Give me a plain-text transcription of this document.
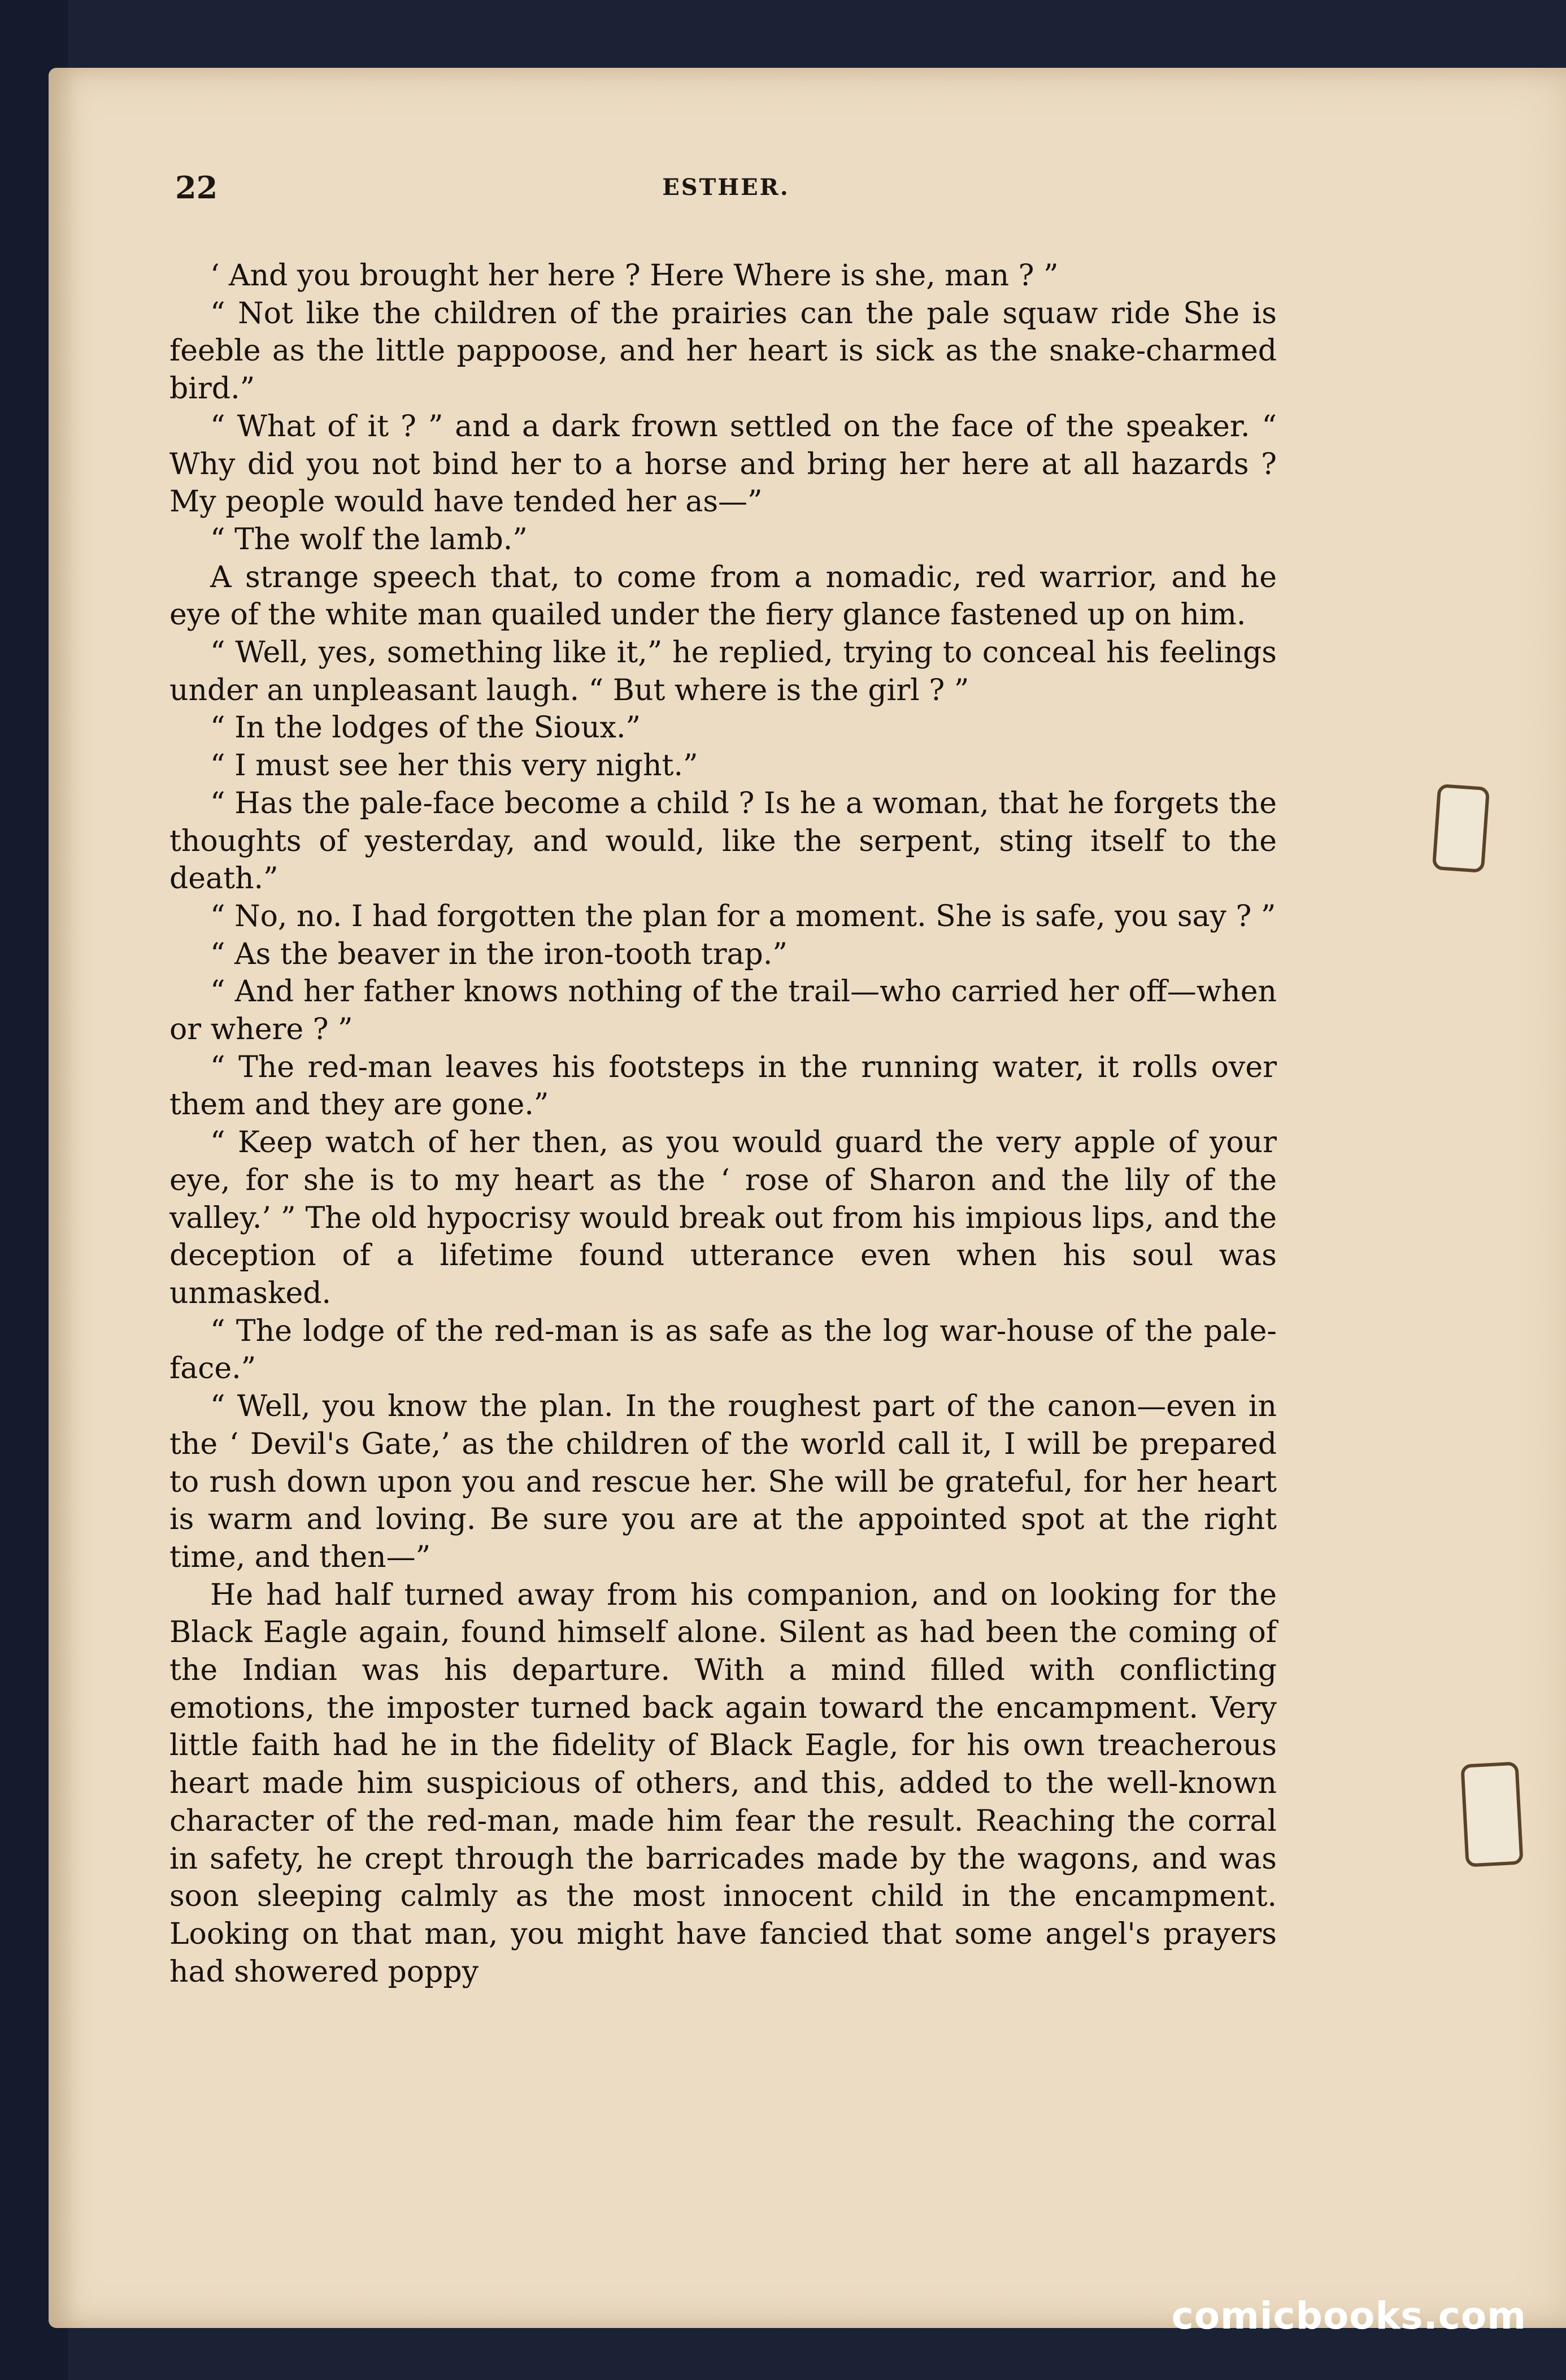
22	ESTHER.

‘ And you brought her here ? Here Where is she, man ? ”

“ Not like the children of the prairies can the pale squaw ride She is feeble as the little pappoose, and her heart is sick as the snake-charmed bird.”

“ What of it ? ” and a dark frown settled on the face of the speaker. “ Why did you not bind her to a horse and bring her here at all hazards ? My people would have tended her as—”

“ The wolf the lamb.”

A strange speech that, to come from a nomadic, red warrior, and he eye of the white man quailed under the fiery glance fastened up on him.

“ Well, yes, something like it,” he replied, trying to conceal his feelings under an unpleasant laugh. “ But where is the girl ? ”

“ In the lodges of the Sioux.”

“ I must see her this very night.”

“ Has the pale-face become a child ? Is he a woman, that he forgets the thoughts of yesterday, and would, like the serpent, sting itself to the death.”

“ No, no. I had forgotten the plan for a moment. She is safe, you say ? ”

“ As the beaver in the iron-tooth trap.”

“ And her father knows nothing of the trail—who carried her off—when or where ? ”

“ The red-man leaves his footsteps in the running water, it rolls over them and they are gone.”

“ Keep watch of her then, as you would guard the very apple of your eye, for she is to my heart as the ‘ rose of Sharon and the lily of the valley.’ ” The old hypocrisy would break out from his impious lips, and the deception of a lifetime found utterance even when his soul was unmasked.

“ The lodge of the red-man is as safe as the log war-house of the pale-face.”

“ Well, you know the plan. In the roughest part of the canon—even in the ‘ Devil's Gate,’ as the children of the world call it, I will be prepared to rush down upon you and rescue her. She will be grateful, for her heart is warm and loving. Be sure you are at the appointed spot at the right time, and then—”

He had half turned away from his companion, and on looking for the Black Eagle again, found himself alone. Silent as had been the coming of the Indian was his departure. With a mind filled with conflicting emotions, the imposter turned back again toward the encampment. Very little faith had he in the fidelity of Black Eagle, for his own treacherous heart made him suspicious of others, and this, added to the well-known character of the red-man, made him fear the result. Reaching the corral in safety, he crept through the barricades made by the wagons, and was soon sleeping calmly as the most innocent child in the encampment. Looking on that man, you might have fancied that some angel's prayers had showered poppy

comicbooks.com
